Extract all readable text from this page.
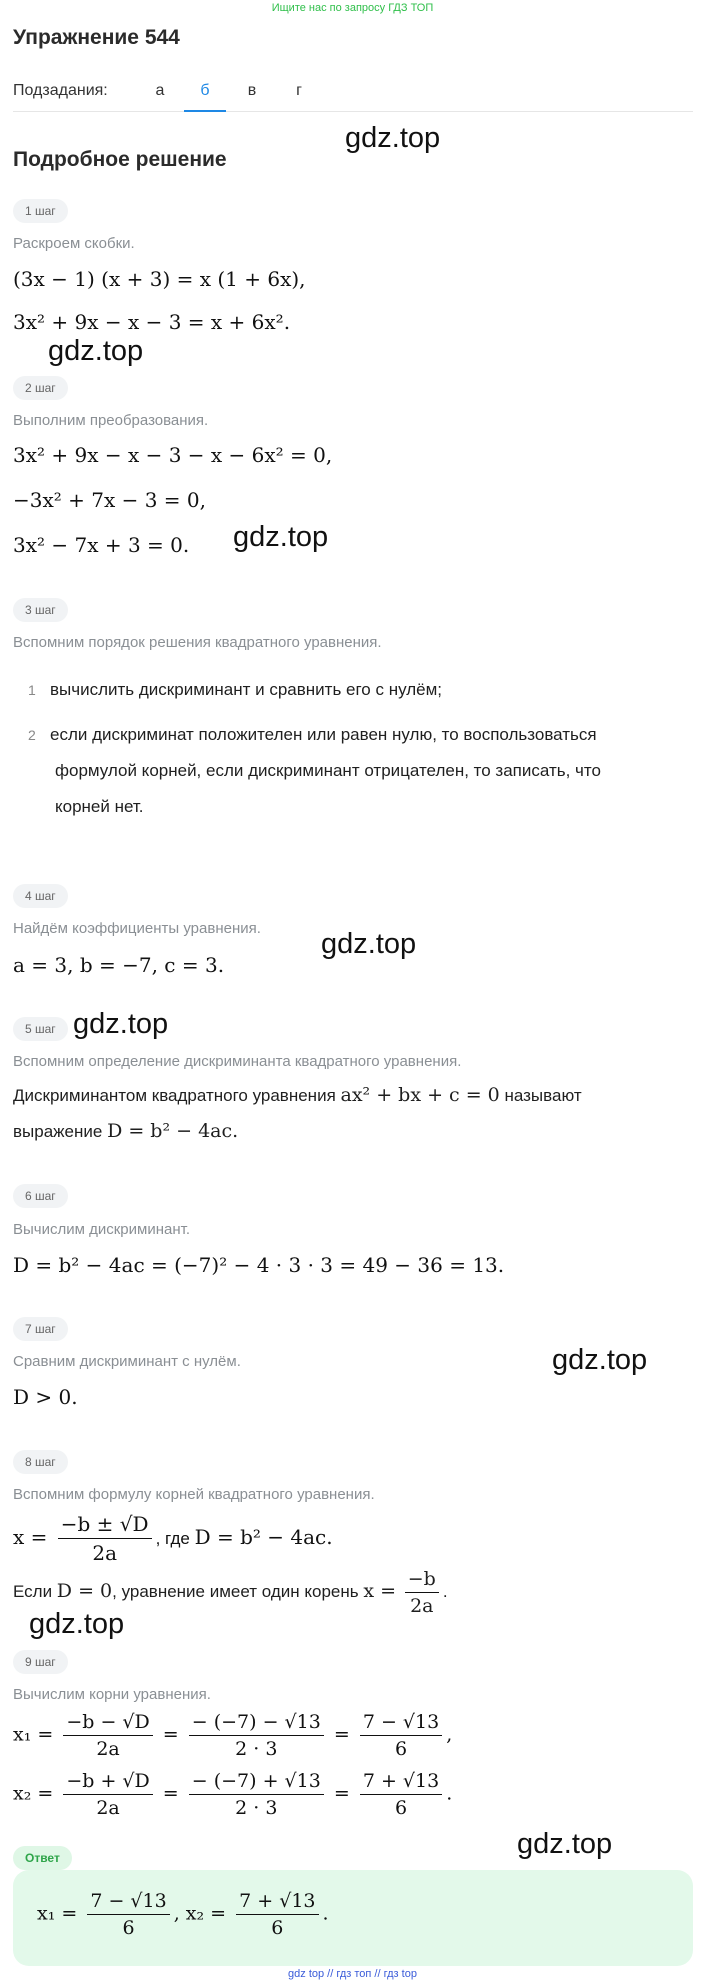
Ищите нас по запросу ГДЗ ТОП
Упражнение 544
Подзадания:	а	б	в	г
Подробное решение
gdz.top
gdz.top
gdz.top
gdz.top
gdz.top
gdz.top
gdz.top
gdz.top
1 шаг
Раскроем скобки.
(3x − 1) (x + 3) = x (1 + 6x),
3x² + 9x − x − 3 = x + 6x².
2 шаг
Выполним преобразования.
3x² + 9x − x − 3 − x − 6x² = 0,
−3x² + 7x − 3 = 0,
3x² − 7x + 3 = 0.
3 шаг
Вспомним порядок решения квадратного уравнения.
1 вычислить дискриминант и сравнить его с нулём;
2 если дискриминат положителен или равен нулю, то воспользоваться
формулой корней, если дискриминант отрицателен, то записать, что
корней нет.
4 шаг
Найдём коэффициенты уравнения.
a = 3, b = −7, c = 3.
5 шаг
Вспомним определение дискриминанта квадратного уравнения.
Дискриминантом квадратного уравнения ax² + bx + c = 0 называют
выражение D = b² − 4ac.
6 шаг
Вычислим дискриминант.
D = b² − 4ac = (−7)² − 4 · 3 · 3 = 49 − 36 = 13.
7 шаг
Сравним дискриминант с нулём.
D > 0.
8 шаг
Вспомним формулу корней квадратного уравнения.
$x = \frac{-b \pm √D}{2a}$ , где D = b² − 4ac.
Если D = 0, уравнение имеет один корень $x = \frac{-b}{2a}$ .
9 шаг
Вычислим корни уравнения.
$x_1 = \frac{-b - √D}{2a} = \frac{- (-7) - √13}{2 \cdot 3} = \frac{7 - √13}{6}$ ,
$x_2 = \frac{-b + √D}{2a} = \frac{- (-7) + √13}{2 \cdot 3} = \frac{7 + √13}{6}$ .
Ответ
$x_1 = \frac{7 - √13}{6}$ , $x_2 = \frac{7 + √13}{6}$ .
gdz top // гдз топ // гдз top
